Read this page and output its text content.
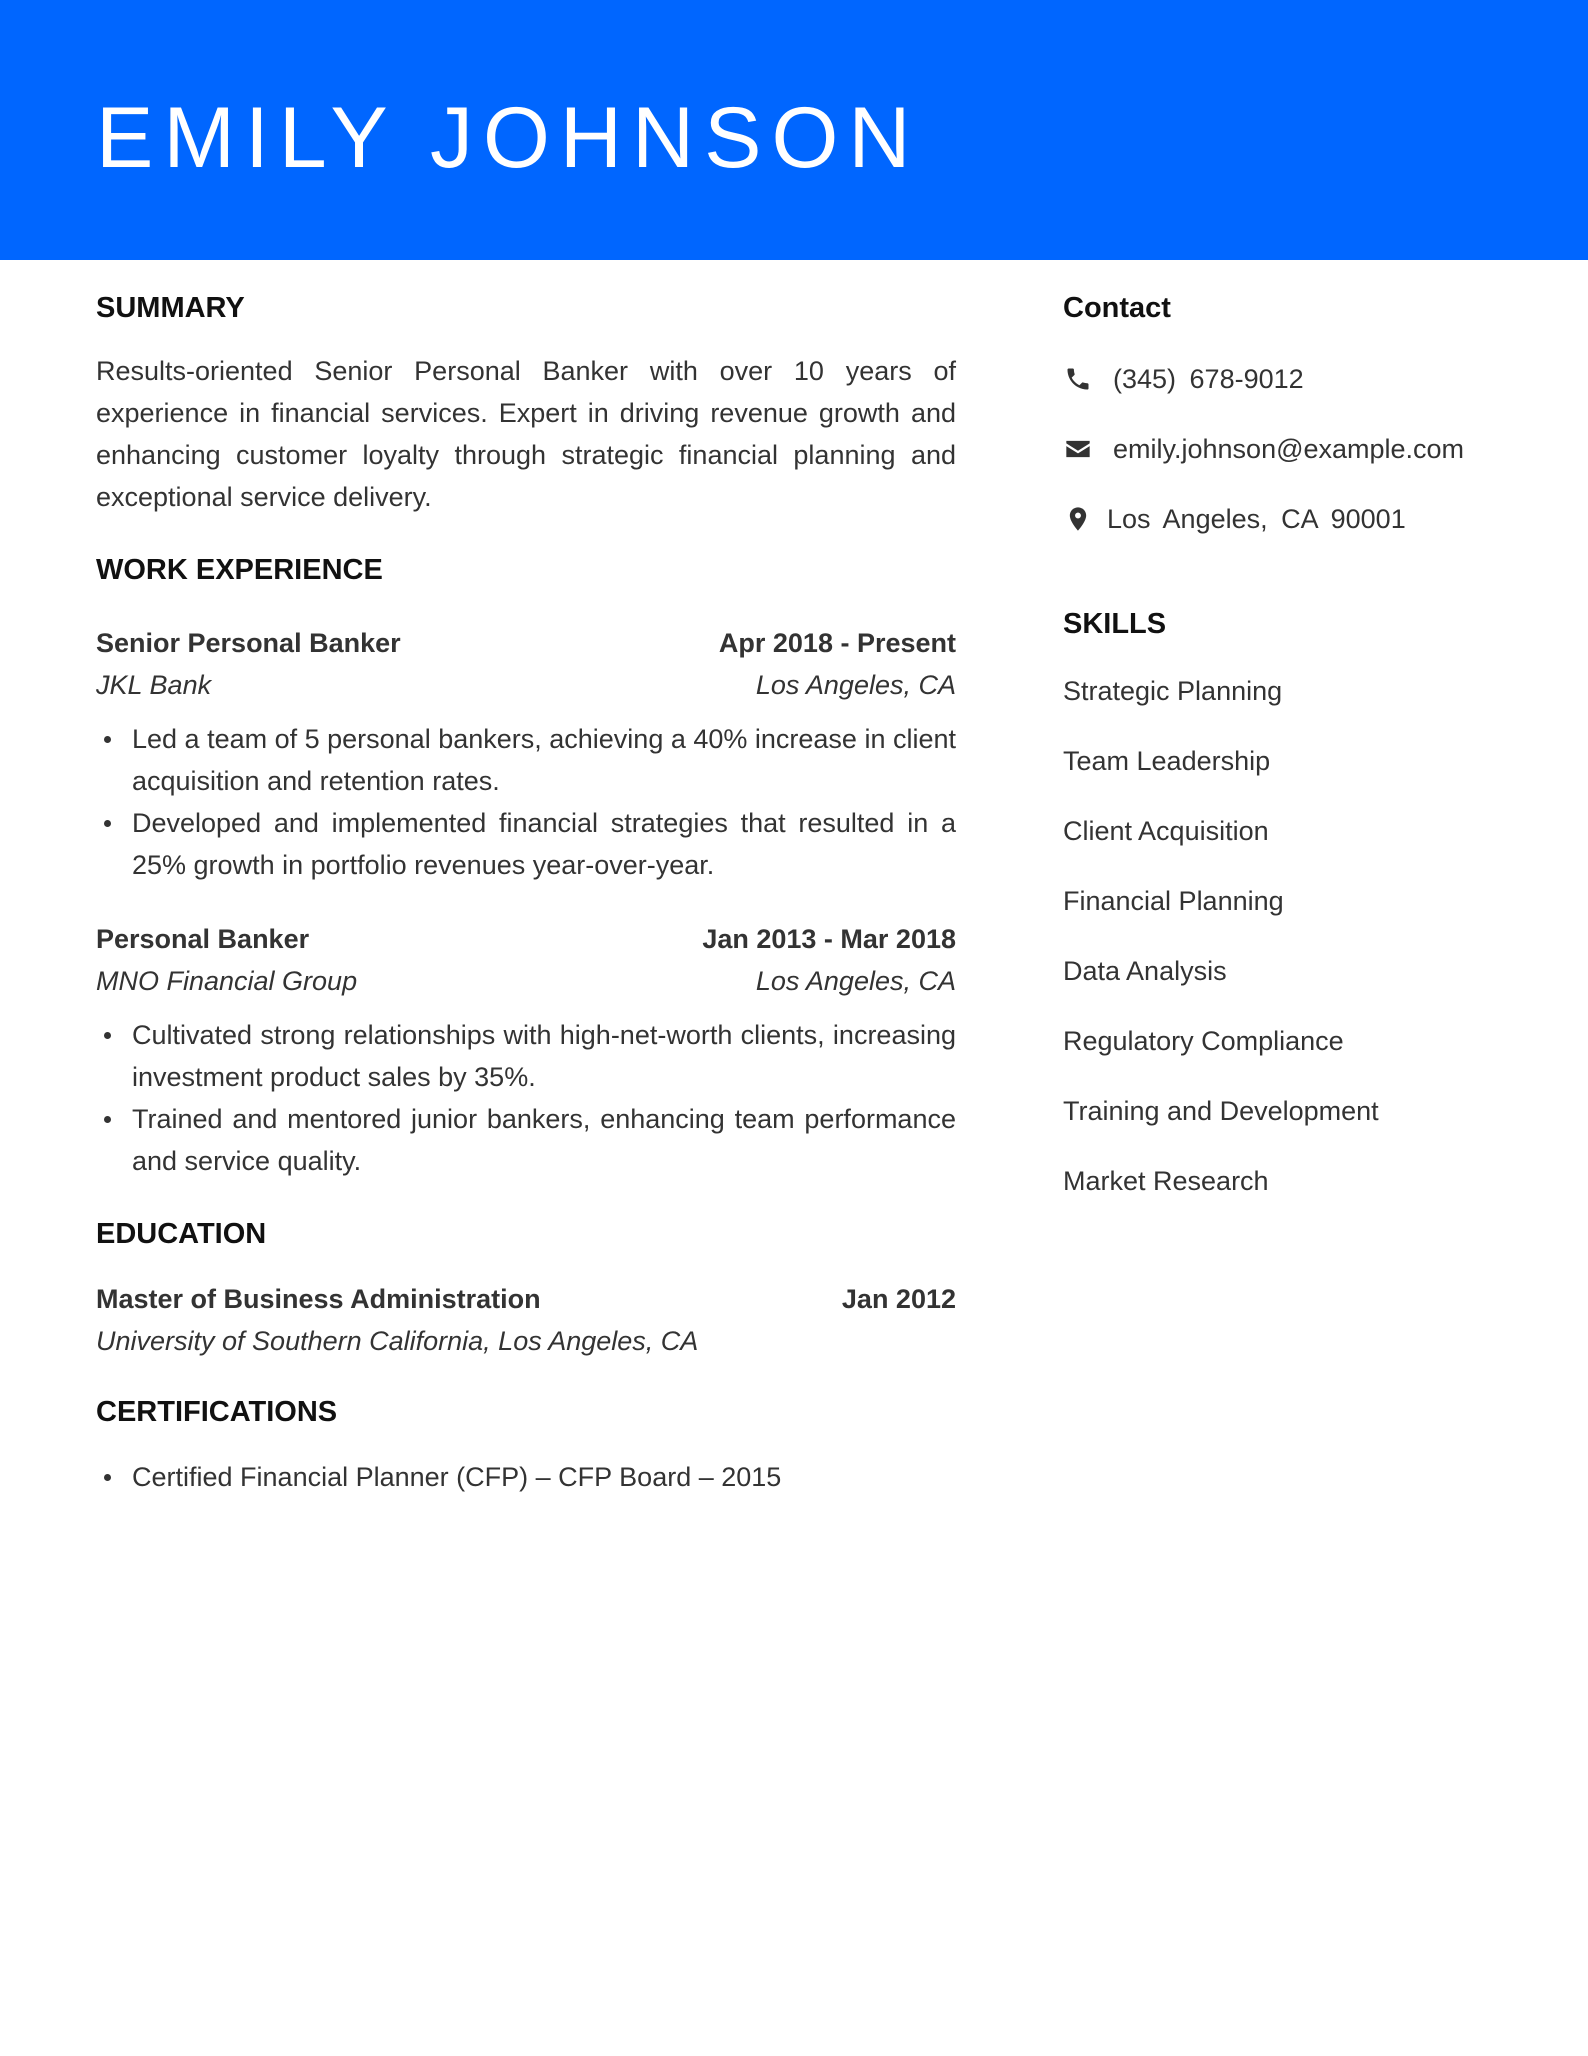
EMILY JOHNSON
SUMMARY

Results-oriented Senior Personal Banker with over 10 years of experience in financial services. Expert in driving revenue growth and enhancing customer loyalty through strategic financial planning and exceptional service delivery.

WORK EXPERIENCE
Senior Personal Banker	Apr 2018 - Present
JKL Bank	Los Angeles, CA
Led a team of 5 personal bankers, achieving a 40% increase in client acquisition and retention rates.
Developed and implemented financial strategies that resulted in a 25% growth in portfolio revenues year-over-year.
Personal Banker	Jan 2013 - Mar 2018
MNO Financial Group	Los Angeles, CA
Cultivated strong relationships with high-net-worth clients, increasing investment product sales by 35%.
Trained and mentored junior bankers, enhancing team performance and service quality.
EDUCATION
Master of Business Administration	Jan 2012
University of Southern California, Los Angeles, CA
CERTIFICATIONS
Certified Financial Planner (CFP) – CFP Board – 2015
Contact
(345) 678-9012
emily.johnson@example.com
Los Angeles, CA 90001
SKILLS
Strategic Planning
Team Leadership
Client Acquisition
Financial Planning
Data Analysis
Regulatory Compliance
Training and Development
Market Research
